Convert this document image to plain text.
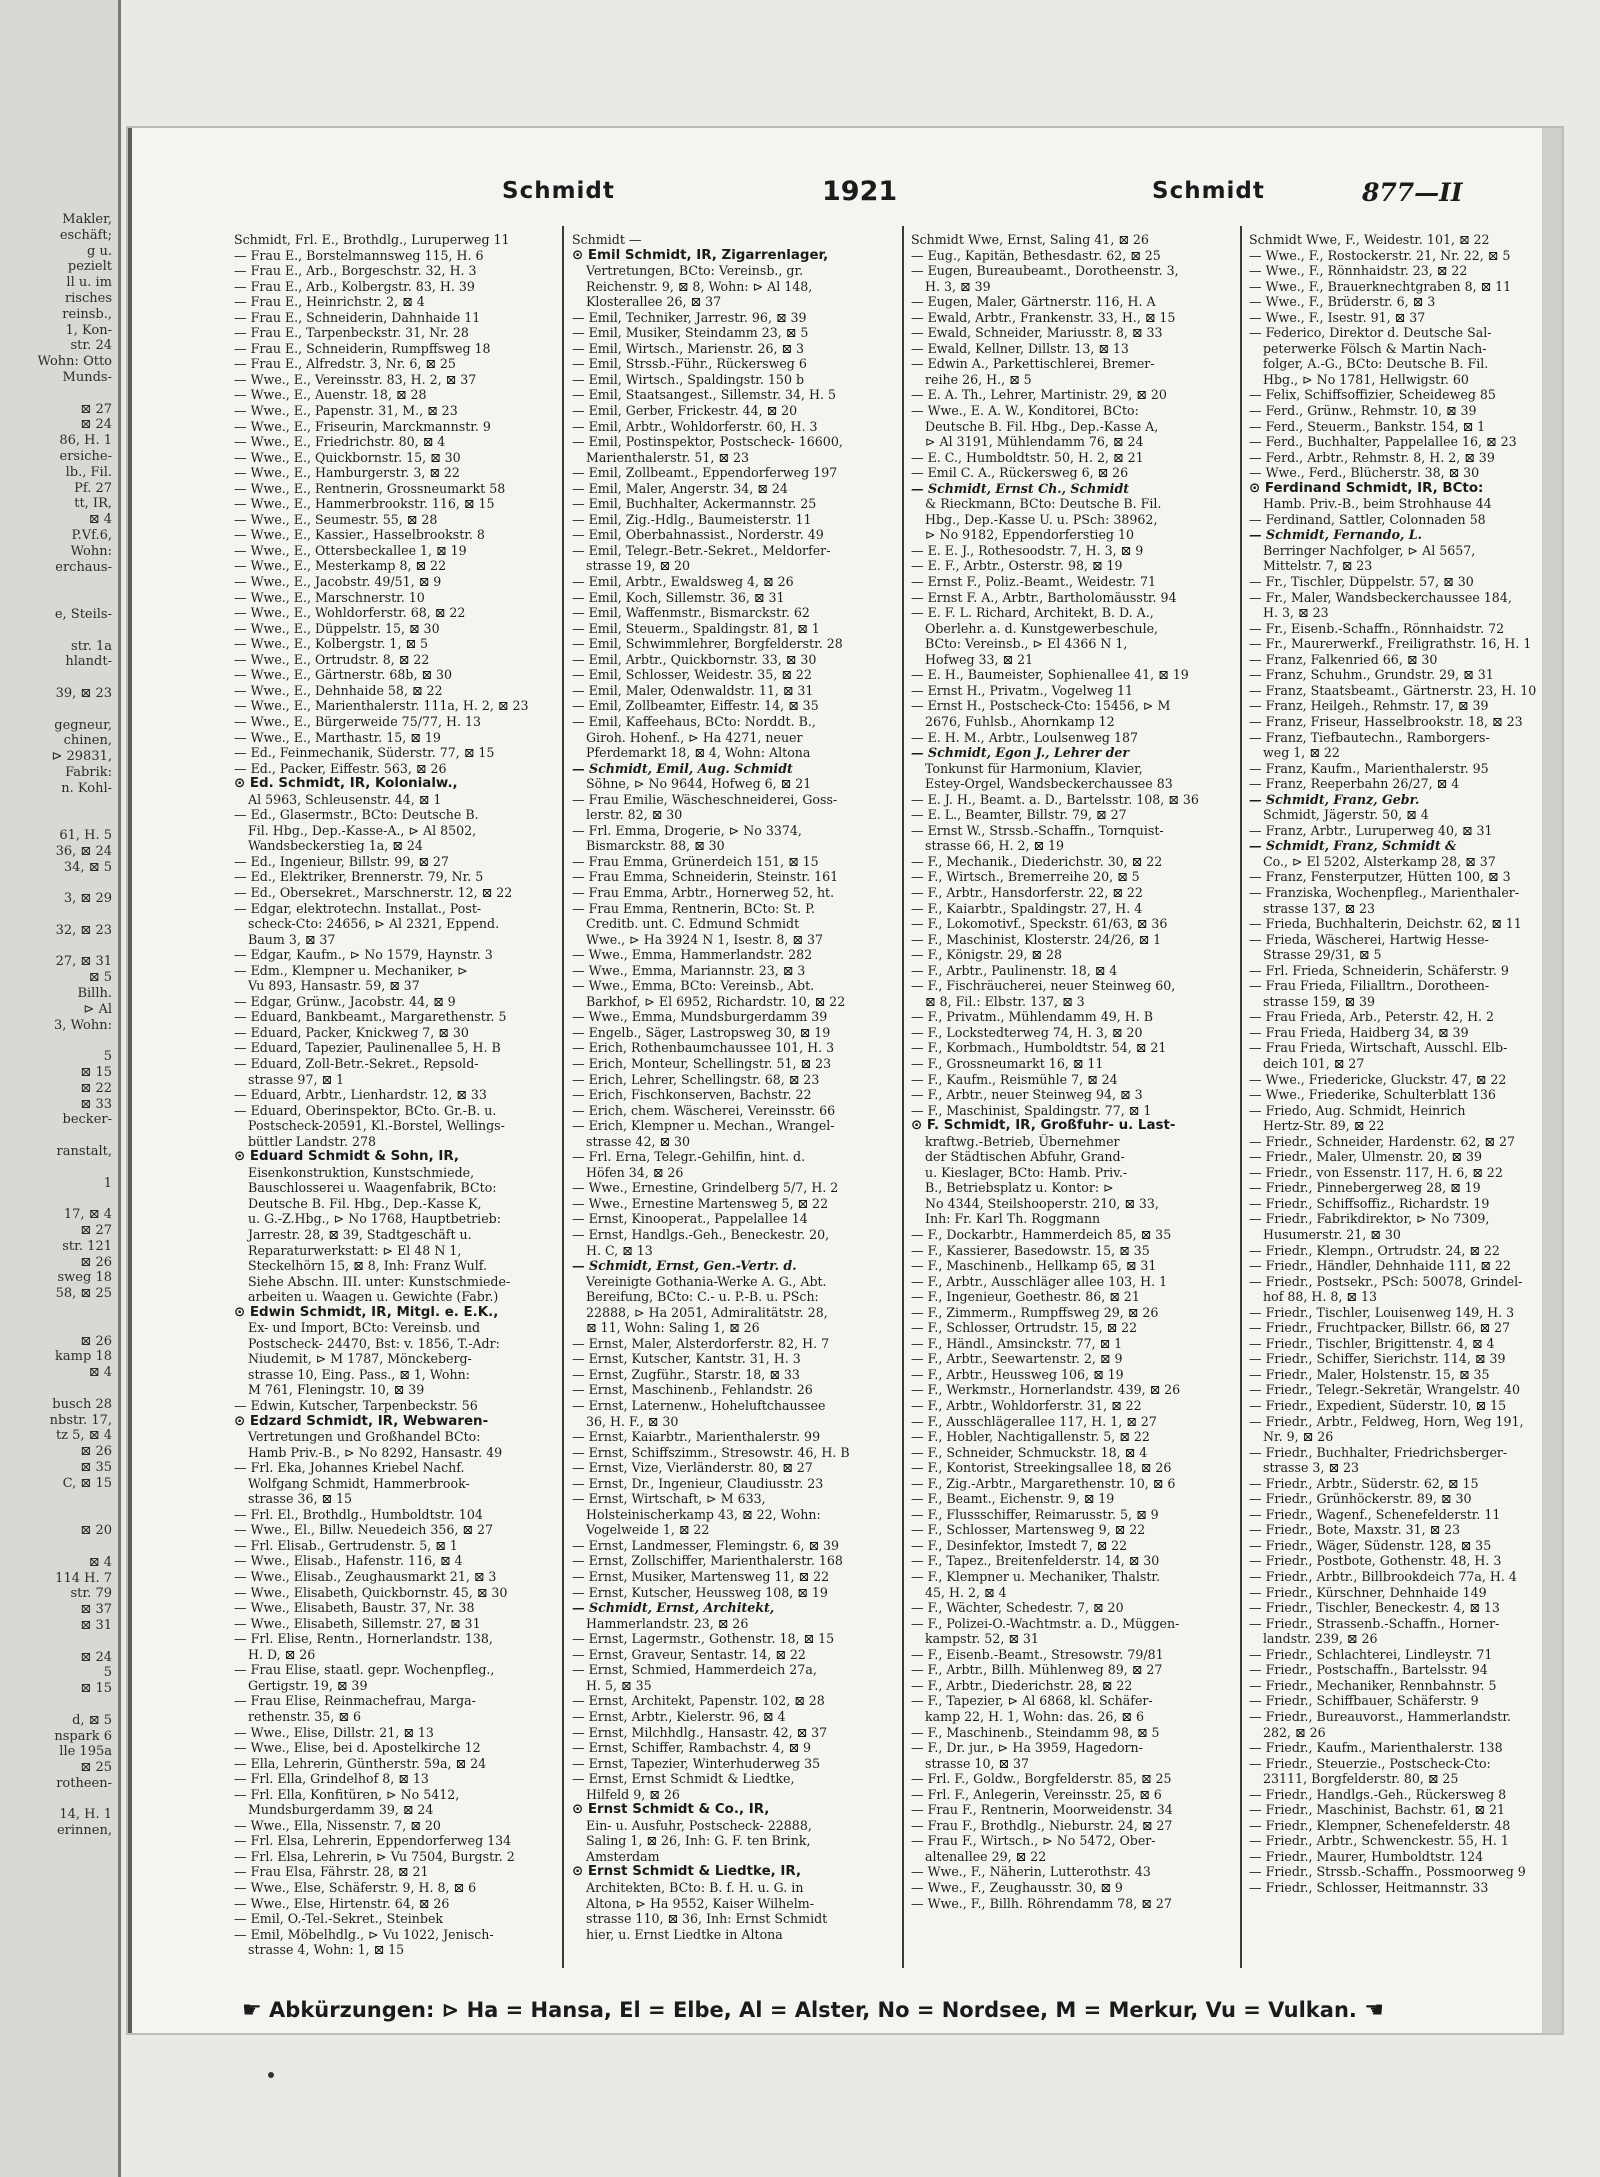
Makler,
eschäft;
g u.
pezielt
ll u. im
risches
reinsb.,
1, Kon-
str. 24
Wohn: Otto
Munds-
⊠ 27
⊠ 24
86, H. 1
ersiche-
lb., Fil.
Pf. 27
tt, IR,
⊠ 4
P.Vf.6,
Wohn:
erchaus-
e, Steils-
str. 1a
hlandt-
39, ⊠ 23
gegneur,
chinen,
⊳ 29831,
Fabrik:
n. Kohl-
61, H. 5
36, ⊠ 24
34, ⊠ 5
3, ⊠ 29
32, ⊠ 23
27, ⊠ 31
⊠ 5
Billh.
⊳ Al
3, Wohn:
5
⊠ 15
⊠ 22
⊠ 33
becker-
ranstalt,
1
17, ⊠ 4
⊠ 27
str. 121
⊠ 26
sweg 18
58, ⊠ 25
⊠ 26
kamp 18
⊠ 4
busch 28
nbstr. 17,
tz 5, ⊠ 4
⊠ 26
⊠ 35
C, ⊠ 15
⊠ 20
⊠ 4
114 H. 7
str. 79
⊠ 37
⊠ 31
⊠ 24
5
⊠ 15
d, ⊠ 5
nspark 6
lle 195a
⊠ 25
rotheen-
14, H. 1
erinnen,
Schmidt	1921	Schmidt	877—II
Schmidt, Frl. E., Brothdlg., Luruperweg 11
— Frau E., Borstelmannsweg 115, H. 6
— Frau E., Arb., Borgeschstr. 32, H. 3
— Frau E., Arb., Kolbergstr. 83, H. 39
— Frau E., Heinrichstr. 2, ⊠ 4
— Frau E., Schneiderin, Dahnhaide 11
— Frau E., Tarpenbeckstr. 31, Nr. 28
— Frau E., Schneiderin, Rumpffsweg 18
— Frau E., Alfredstr. 3, Nr. 6, ⊠ 25
— Wwe., E., Vereinsstr. 83, H. 2, ⊠ 37
— Wwe., E., Auenstr. 18, ⊠ 28
— Wwe., E., Papenstr. 31, M., ⊠ 23
— Wwe., E., Friseurin, Marckmannstr. 9
— Wwe., E., Friedrichstr. 80, ⊠ 4
— Wwe., E., Quickbornstr. 15, ⊠ 30
— Wwe., E., Hamburgerstr. 3, ⊠ 22
— Wwe., E., Rentnerin, Grossneumarkt 58
— Wwe., E., Hammerbrookstr. 116, ⊠ 15
— Wwe., E., Seumestr. 55, ⊠ 28
— Wwe., E., Kassier., Hasselbrookstr. 8
— Wwe., E., Ottersbeckallee 1, ⊠ 19
— Wwe., E., Mesterkamp 8, ⊠ 22
— Wwe., E., Jacobstr. 49/51, ⊠ 9
— Wwe., E., Marschnerstr. 10
— Wwe., E., Wohldorferstr. 68, ⊠ 22
— Wwe., E., Düppelstr. 15, ⊠ 30
— Wwe., E., Kolbergstr. 1, ⊠ 5
— Wwe., E., Ortrudstr. 8, ⊠ 22
— Wwe., E., Gärtnerstr. 68b, ⊠ 30
— Wwe., E., Dehnhaide 58, ⊠ 22
— Wwe., E., Marienthalerstr. 111a, H. 2, ⊠ 23
— Wwe., E., Bürgerweide 75/77, H. 13
— Wwe., E., Marthastr. 15, ⊠ 19
— Ed., Feinmechanik, Süderstr. 77, ⊠ 15
— Ed., Packer, Eiffestr. 563, ⊠ 26
⊙ Ed. Schmidt, IR, Kolonialw.,
Al 5963, Schleusenstr. 44, ⊠ 1
— Ed., Glasermstr., BCto: Deutsche B.
Fil. Hbg., Dep.-Kasse-A., ⊳ Al 8502,
Wandsbeckerstieg 1a, ⊠ 24
— Ed., Ingenieur, Billstr. 99, ⊠ 27
— Ed., Elektriker, Brennerstr. 79, Nr. 5
— Ed., Obersekret., Marschnerstr. 12, ⊠ 22
— Edgar, elektrotechn. Installat., Post-
scheck-Cto: 24656, ⊳ Al 2321, Eppend.
Baum 3, ⊠ 37
— Edgar, Kaufm., ⊳ No 1579, Haynstr. 3
— Edm., Klempner u. Mechaniker, ⊳
Vu 893, Hansastr. 59, ⊠ 37
— Edgar, Grünw., Jacobstr. 44, ⊠ 9
— Eduard, Bankbeamt., Margarethenstr. 5
— Eduard, Packer, Knickweg 7, ⊠ 30
— Eduard, Tapezier, Paulinenallee 5, H. B
— Eduard, Zoll-Betr.-Sekret., Repsold-
strasse 97, ⊠ 1
— Eduard, Arbtr., Lienhardstr. 12, ⊠ 33
— Eduard, Oberinspektor, BCto. Gr.-B. u.
Postscheck-20591, Kl.-Borstel, Wellings-
büttler Landstr. 278
⊙ Eduard Schmidt & Sohn, IR,
Eisenkonstruktion, Kunstschmiede,
Bauschlosserei u. Waagenfabrik, BCto:
Deutsche B. Fil. Hbg., Dep.-Kasse K,
u. G.-Z.Hbg., ⊳ No 1768, Hauptbetrieb:
Jarrestr. 28, ⊠ 39, Stadtgeschäft u.
Reparaturwerkstatt: ⊳ El 48 N 1,
Steckelhörn 15, ⊠ 8, Inh: Franz Wulf.
Siehe Abschn. III. unter: Kunstschmiede-
arbeiten u. Waagen u. Gewichte (Fabr.)
⊙ Edwin Schmidt, IR, Mitgl. e. E.K.,
Ex- und Import, BCto: Vereinsb. und
Postscheck- 24470, Bst: v. 1856, T.-Adr:
Niudemit, ⊳ M 1787, Mönckeberg-
strasse 10, Eing. Pass., ⊠ 1, Wohn:
M 761, Fleningstr. 10, ⊠ 39
— Edwin, Kutscher, Tarpenbeckstr. 56
⊙ Edzard Schmidt, IR, Webwaren-
Vertretungen und Großhandel BCto:
Hamb Priv.-B., ⊳ No 8292, Hansastr. 49
— Frl. Eka, Johannes Kriebel Nachf.
Wolfgang Schmidt, Hammerbrook-
strasse 36, ⊠ 15
— Frl. El., Brothdlg., Humboldtstr. 104
— Wwe., El., Billw. Neuedeich 356, ⊠ 27
— Frl. Elisab., Gertrudenstr. 5, ⊠ 1
— Wwe., Elisab., Hafenstr. 116, ⊠ 4
— Wwe., Elisab., Zeughausmarkt 21, ⊠ 3
— Wwe., Elisabeth, Quickbornstr. 45, ⊠ 30
— Wwe., Elisabeth, Baustr. 37, Nr. 38
— Wwe., Elisabeth, Sillemstr. 27, ⊠ 31
— Frl. Elise, Rentn., Hornerlandstr. 138,
H. D, ⊠ 26
— Frau Elise, staatl. gepr. Wochenpfleg.,
Gertigstr. 19, ⊠ 39
— Frau Elise, Reinmachefrau, Marga-
rethenstr. 35, ⊠ 6
— Wwe., Elise, Dillstr. 21, ⊠ 13
— Wwe., Elise, bei d. Apostelkirche 12
— Ella, Lehrerin, Güntherstr. 59a, ⊠ 24
— Frl. Ella, Grindelhof 8, ⊠ 13
— Frl. Ella, Konfitüren, ⊳ No 5412,
Mundsburgerdamm 39, ⊠ 24
— Wwe., Ella, Nissenstr. 7, ⊠ 20
— Frl. Elsa, Lehrerin, Eppendorferweg 134
— Frl. Elsa, Lehrerin, ⊳ Vu 7504, Burgstr. 2
— Frau Elsa, Fährstr. 28, ⊠ 21
— Wwe., Else, Schäferstr. 9, H. 8, ⊠ 6
— Wwe., Else, Hirtenstr. 64, ⊠ 26
— Emil, O.-Tel.-Sekret., Steinbek
— Emil, Möbelhdlg., ⊳ Vu 1022, Jenisch-
strasse 4, Wohn: 1, ⊠ 15
Schmidt —
⊙ Emil Schmidt, IR, Zigarrenlager,
Vertretungen, BCto: Vereinsb., gr.
Reichenstr. 9, ⊠ 8, Wohn: ⊳ Al 148,
Klosterallee 26, ⊠ 37
— Emil, Techniker, Jarrestr. 96, ⊠ 39
— Emil, Musiker, Steindamm 23, ⊠ 5
— Emil, Wirtsch., Marienstr. 26, ⊠ 3
— Emil, Strssb.-Führ., Rückersweg 6
— Emil, Wirtsch., Spaldingstr. 150 b
— Emil, Staatsangest., Sillemstr. 34, H. 5
— Emil, Gerber, Frickestr. 44, ⊠ 20
— Emil, Arbtr., Wohldorferstr. 60, H. 3
— Emil, Postinspektor, Postscheck- 16600,
Marienthalerstr. 51, ⊠ 23
— Emil, Zollbeamt., Eppendorferweg 197
— Emil, Maler, Angerstr. 34, ⊠ 24
— Emil, Buchhalter, Ackermannstr. 25
— Emil, Zig.-Hdlg., Baumeisterstr. 11
— Emil, Oberbahnassist., Norderstr. 49
— Emil, Telegr.-Betr.-Sekret., Meldorfer-
strasse 19, ⊠ 20
— Emil, Arbtr., Ewaldsweg 4, ⊠ 26
— Emil, Koch, Sillemstr. 36, ⊠ 31
— Emil, Waffenmstr., Bismarckstr. 62
— Emil, Steuerm., Spaldingstr. 81, ⊠ 1
— Emil, Schwimmlehrer, Borgfelderstr. 28
— Emil, Arbtr., Quickbornstr. 33, ⊠ 30
— Emil, Schlosser, Weidestr. 35, ⊠ 22
— Emil, Maler, Odenwaldstr. 11, ⊠ 31
— Emil, Zollbeamter, Eiffestr. 14, ⊠ 35
— Emil, Kaffeehaus, BCto: Norddt. B.,
Giroh. Hohenf., ⊳ Ha 4271, neuer
Pferdemarkt 18, ⊠ 4, Wohn: Altona
— Schmidt, Emil, Aug. Schmidt
Söhne, ⊳ No 9644, Hofweg 6, ⊠ 21
— Frau Emilie, Wäscheschneiderei, Goss-
lerstr. 82, ⊠ 30
— Frl. Emma, Drogerie, ⊳ No 3374,
Bismarckstr. 88, ⊠ 30
— Frau Emma, Grünerdeich 151, ⊠ 15
— Frau Emma, Schneiderin, Steinstr. 161
— Frau Emma, Arbtr., Hornerweg 52, ht.
— Frau Emma, Rentnerin, BCto: St. P.
Creditb. unt. C. Edmund Schmidt
Wwe., ⊳ Ha 3924 N 1, Isestr. 8, ⊠ 37
— Wwe., Emma, Hammerlandstr. 282
— Wwe., Emma, Mariannstr. 23, ⊠ 3
— Wwe., Emma, BCto: Vereinsb., Abt.
Barkhof, ⊳ El 6952, Richardstr. 10, ⊠ 22
— Wwe., Emma, Mundsburgerdamm 39
— Engelb., Säger, Lastropsweg 30, ⊠ 19
— Erich, Rothenbaumchaussee 101, H. 3
— Erich, Monteur, Schellingstr. 51, ⊠ 23
— Erich, Lehrer, Schellingstr. 68, ⊠ 23
— Erich, Fischkonserven, Bachstr. 22
— Erich, chem. Wäscherei, Vereinsstr. 66
— Erich, Klempner u. Mechan., Wrangel-
strasse 42, ⊠ 30
— Frl. Erna, Telegr.-Gehilfin, hint. d.
Höfen 34, ⊠ 26
— Wwe., Ernestine, Grindelberg 5/7, H. 2
— Wwe., Ernestine Martensweg 5, ⊠ 22
— Ernst, Kinooperat., Pappelallee 14
— Ernst, Handlgs.-Geh., Beneckestr. 20,
H. C, ⊠ 13
— Schmidt, Ernst, Gen.-Vertr. d.
Vereinigte Gothania-Werke A. G., Abt.
Bereifung, BCto: C.- u. P.-B. u. PSch:
22888, ⊳ Ha 2051, Admiralitätstr. 28,
⊠ 11, Wohn: Saling 1, ⊠ 26
— Ernst, Maler, Alsterdorferstr. 82, H. 7
— Ernst, Kutscher, Kantstr. 31, H. 3
— Ernst, Zugführ., Starstr. 18, ⊠ 33
— Ernst, Maschinenb., Fehlandstr. 26
— Ernst, Laternenw., Hoheluftchaussee
36, H. F., ⊠ 30
— Ernst, Kaiarbtr., Marienthalerstr. 99
— Ernst, Schiffszimm., Stresowstr. 46, H. B
— Ernst, Vize, Vierländerstr. 80, ⊠ 27
— Ernst, Dr., Ingenieur, Claudiusstr. 23
— Ernst, Wirtschaft, ⊳ M 633,
Holsteinischerkamp 43, ⊠ 22, Wohn:
Vogelweide 1, ⊠ 22
— Ernst, Landmesser, Flemingstr. 6, ⊠ 39
— Ernst, Zollschiffer, Marienthalerstr. 168
— Ernst, Musiker, Martensweg 11, ⊠ 22
— Ernst, Kutscher, Heussweg 108, ⊠ 19
— Schmidt, Ernst, Architekt,
Hammerlandstr. 23, ⊠ 26
— Ernst, Lagermstr., Gothenstr. 18, ⊠ 15
— Ernst, Graveur, Sentastr. 14, ⊠ 22
— Ernst, Schmied, Hammerdeich 27a,
H. 5, ⊠ 35
— Ernst, Architekt, Papenstr. 102, ⊠ 28
— Ernst, Arbtr., Kielerstr. 96, ⊠ 4
— Ernst, Milchhdlg., Hansastr. 42, ⊠ 37
— Ernst, Schiffer, Rambachstr. 4, ⊠ 9
— Ernst, Tapezier, Winterhuderweg 35
— Ernst, Ernst Schmidt & Liedtke,
Hilfeld 9, ⊠ 26
⊙ Ernst Schmidt & Co., IR,
Ein- u. Ausfuhr, Postscheck- 22888,
Saling 1, ⊠ 26, Inh: G. F. ten Brink,
Amsterdam
⊙ Ernst Schmidt & Liedtke, IR,
Architekten, BCto: B. f. H. u. G. in
Altona, ⊳ Ha 9552, Kaiser Wilhelm-
strasse 110, ⊠ 36, Inh: Ernst Schmidt
hier, u. Ernst Liedtke in Altona
Schmidt Wwe, Ernst, Saling 41, ⊠ 26
— Eug., Kapitän, Bethesdastr. 62, ⊠ 25
— Eugen, Bureaubeamt., Dorotheenstr. 3,
H. 3, ⊠ 39
— Eugen, Maler, Gärtnerstr. 116, H. A
— Ewald, Arbtr., Frankenstr. 33, H., ⊠ 15
— Ewald, Schneider, Mariusstr. 8, ⊠ 33
— Ewald, Kellner, Dillstr. 13, ⊠ 13
— Edwin A., Parkettischlerei, Bremer-
reihe 26, H., ⊠ 5
— E. A. Th., Lehrer, Martinistr. 29, ⊠ 20
— Wwe., E. A. W., Konditorei, BCto:
Deutsche B. Fil. Hbg., Dep.-Kasse A,
⊳ Al 3191, Mühlendamm 76, ⊠ 24
— E. C., Humboldtstr. 50, H. 2, ⊠ 21
— Emil C. A., Rückersweg 6, ⊠ 26
— Schmidt, Ernst Ch., Schmidt
& Rieckmann, BCto: Deutsche B. Fil.
Hbg., Dep.-Kasse U. u. PSch: 38962,
⊳ No 9182, Eppendorferstieg 10
— E. E. J., Rothesoodstr. 7, H. 3, ⊠ 9
— E. F., Arbtr., Osterstr. 98, ⊠ 19
— Ernst F., Poliz.-Beamt., Weidestr. 71
— Ernst F. A., Arbtr., Bartholomäusstr. 94
— E. F. L. Richard, Architekt, B. D. A.,
Oberlehr. a. d. Kunstgewerbeschule,
BCto: Vereinsb., ⊳ El 4366 N 1,
Hofweg 33, ⊠ 21
— E. H., Baumeister, Sophienallee 41, ⊠ 19
— Ernst H., Privatm., Vogelweg 11
— Ernst H., Postscheck-Cto: 15456, ⊳ M
2676, Fuhlsb., Ahornkamp 12
— E. H. M., Arbtr., Loulsenweg 187
— Schmidt, Egon J., Lehrer der
Tonkunst für Harmonium, Klavier,
Estey-Orgel, Wandsbeckerchaussee 83
— E. J. H., Beamt. a. D., Bartelsstr. 108, ⊠ 36
— E. L., Beamter, Billstr. 79, ⊠ 27
— Ernst W., Strssb.-Schaffn., Tornquist-
strasse 66, H. 2, ⊠ 19
— F., Mechanik., Diederichstr. 30, ⊠ 22
— F., Wirtsch., Bremerreihe 20, ⊠ 5
— F., Arbtr., Hansdorferstr. 22, ⊠ 22
— F., Kaiarbtr., Spaldingstr. 27, H. 4
— F., Lokomotivf., Speckstr. 61/63, ⊠ 36
— F., Maschinist, Klosterstr. 24/26, ⊠ 1
— F., Königstr. 29, ⊠ 28
— F., Arbtr., Paulinenstr. 18, ⊠ 4
— F., Fischräucherei, neuer Steinweg 60,
⊠ 8, Fil.: Elbstr. 137, ⊠ 3
— F., Privatm., Mühlendamm 49, H. B
— F., Lockstedterweg 74, H. 3, ⊠ 20
— F., Korbmach., Humboldtstr. 54, ⊠ 21
— F., Grossneumarkt 16, ⊠ 11
— F., Kaufm., Reismühle 7, ⊠ 24
— F., Arbtr., neuer Steinweg 94, ⊠ 3
— F., Maschinist, Spaldingstr. 77, ⊠ 1
⊙ F. Schmidt, IR, Großfuhr- u. Last-
kraftwg.-Betrieb, Übernehmer
der Städtischen Abfuhr, Grand-
u. Kieslager, BCto: Hamb. Priv.-
B., Betriebsplatz u. Kontor: ⊳
No 4344, Steilshooperstr. 210, ⊠ 33,
Inh: Fr. Karl Th. Roggmann
— F., Dockarbtr., Hammerdeich 85, ⊠ 35
— F., Kassierer, Basedowstr. 15, ⊠ 35
— F., Maschinenb., Hellkamp 65, ⊠ 31
— F., Arbtr., Ausschläger allee 103, H. 1
— F., Ingenieur, Goethestr. 86, ⊠ 21
— F., Zimmerm., Rumpffsweg 29, ⊠ 26
— F., Schlosser, Ortrudstr. 15, ⊠ 22
— F., Händl., Amsinckstr. 77, ⊠ 1
— F., Arbtr., Seewartenstr. 2, ⊠ 9
— F., Arbtr., Heussweg 106, ⊠ 19
— F., Werkmstr., Hornerlandstr. 439, ⊠ 26
— F., Arbtr., Wohldorferstr. 31, ⊠ 22
— F., Ausschlägerallee 117, H. 1, ⊠ 27
— F., Hobler, Nachtigallenstr. 5, ⊠ 22
— F., Schneider, Schmuckstr. 18, ⊠ 4
— F., Kontorist, Streekingsallee 18, ⊠ 26
— F., Zig.-Arbtr., Margarethenstr. 10, ⊠ 6
— F., Beamt., Eichenstr. 9, ⊠ 19
— F., Flussschiffer, Reimarusstr. 5, ⊠ 9
— F., Schlosser, Martensweg 9, ⊠ 22
— F., Desinfektor, Imstedt 7, ⊠ 22
— F., Tapez., Breitenfelderstr. 14, ⊠ 30
— F., Klempner u. Mechaniker, Thalstr.
45, H. 2, ⊠ 4
— F., Wächter, Schedestr. 7, ⊠ 20
— F., Polizei-O.-Wachtmstr. a. D., Müggen-
kampstr. 52, ⊠ 31
— F., Eisenb.-Beamt., Stresowstr. 79/81
— F., Arbtr., Billh. Mühlenweg 89, ⊠ 27
— F., Arbtr., Diederichstr. 28, ⊠ 22
— F., Tapezier, ⊳ Al 6868, kl. Schäfer-
kamp 22, H. 1, Wohn: das. 26, ⊠ 6
— F., Maschinenb., Steindamm 98, ⊠ 5
— F., Dr. jur., ⊳ Ha 3959, Hagedorn-
strasse 10, ⊠ 37
— Frl. F., Goldw., Borgfelderstr. 85, ⊠ 25
— Frl. F., Anlegerin, Vereinsstr. 25, ⊠ 6
— Frau F., Rentnerin, Moorweidenstr. 34
— Frau F., Brothdlg., Nieburstr. 24, ⊠ 27
— Frau F., Wirtsch., ⊳ No 5472, Ober-
altenallee 29, ⊠ 22
— Wwe., F., Näherin, Lutterothstr. 43
— Wwe., F., Zeughausstr. 30, ⊠ 9
— Wwe., F., Billh. Röhrendamm 78, ⊠ 27
Schmidt Wwe, F., Weidestr. 101, ⊠ 22
— Wwe., F., Rostockerstr. 21, Nr. 22, ⊠ 5
— Wwe., F., Rönnhaidstr. 23, ⊠ 22
— Wwe., F., Brauerknechtgraben 8, ⊠ 11
— Wwe., F., Brüderstr. 6, ⊠ 3
— Wwe., F., Isestr. 91, ⊠ 37
— Federico, Direktor d. Deutsche Sal-
peterwerke Fölsch & Martin Nach-
folger, A.-G., BCto: Deutsche B. Fil.
Hbg., ⊳ No 1781, Hellwigstr. 60
— Felix, Schiffsoffizier, Scheideweg 85
— Ferd., Grünw., Rehmstr. 10, ⊠ 39
— Ferd., Steuerm., Bankstr. 154, ⊠ 1
— Ferd., Buchhalter, Pappelallee 16, ⊠ 23
— Ferd., Arbtr., Rehmstr. 8, H. 2, ⊠ 39
— Wwe., Ferd., Blücherstr. 38, ⊠ 30
⊙ Ferdinand Schmidt, IR, BCto:
Hamb. Priv.-B., beim Strohhause 44
— Ferdinand, Sattler, Colonnaden 58
— Schmidt, Fernando, L.
Berringer Nachfolger, ⊳ Al 5657,
Mittelstr. 7, ⊠ 23
— Fr., Tischler, Düppelstr. 57, ⊠ 30
— Fr., Maler, Wandsbeckerchaussee 184,
H. 3, ⊠ 23
— Fr., Eisenb.-Schaffn., Rönnhaidstr. 72
— Fr., Maurerwerkf., Freiligrathstr. 16, H. 1
— Franz, Falkenried 66, ⊠ 30
— Franz, Schuhm., Grundstr. 29, ⊠ 31
— Franz, Staatsbeamt., Gärtnerstr. 23, H. 10
— Franz, Heilgeh., Rehmstr. 17, ⊠ 39
— Franz, Friseur, Hasselbrookstr. 18, ⊠ 23
— Franz, Tiefbautechn., Ramborgers-
weg 1, ⊠ 22
— Franz, Kaufm., Marienthalerstr. 95
— Franz, Reeperbahn 26/27, ⊠ 4
— Schmidt, Franz, Gebr.
Schmidt, Jägerstr. 50, ⊠ 4
— Franz, Arbtr., Luruperweg 40, ⊠ 31
— Schmidt, Franz, Schmidt &
Co., ⊳ El 5202, Alsterkamp 28, ⊠ 37
— Franz, Fensterputzer, Hütten 100, ⊠ 3
— Franziska, Wochenpfleg., Marienthaler-
strasse 137, ⊠ 23
— Frieda, Buchhalterin, Deichstr. 62, ⊠ 11
— Frieda, Wäscherei, Hartwig Hesse-
Strasse 29/31, ⊠ 5
— Frl. Frieda, Schneiderin, Schäferstr. 9
— Frau Frieda, Filialltrn., Dorotheen-
strasse 159, ⊠ 39
— Frau Frieda, Arb., Peterstr. 42, H. 2
— Frau Frieda, Haidberg 34, ⊠ 39
— Frau Frieda, Wirtschaft, Ausschl. Elb-
deich 101, ⊠ 27
— Wwe., Friedericke, Gluckstr. 47, ⊠ 22
— Wwe., Friederike, Schulterblatt 136
— Friedo, Aug. Schmidt, Heinrich
Hertz-Str. 89, ⊠ 22
— Friedr., Schneider, Hardenstr. 62, ⊠ 27
— Friedr., Maler, Ulmenstr. 20, ⊠ 39
— Friedr., von Essenstr. 117, H. 6, ⊠ 22
— Friedr., Pinnebergerweg 28, ⊠ 19
— Friedr., Schiffsoffiz., Richardstr. 19
— Friedr., Fabrikdirektor, ⊳ No 7309,
Husumerstr. 21, ⊠ 30
— Friedr., Klempn., Ortrudstr. 24, ⊠ 22
— Friedr., Händler, Dehnhaide 111, ⊠ 22
— Friedr., Postsekr., PSch: 50078, Grindel-
hof 88, H. 8, ⊠ 13
— Friedr., Tischler, Louisenweg 149, H. 3
— Friedr., Fruchtpacker, Billstr. 66, ⊠ 27
— Friedr., Tischler, Brigittenstr. 4, ⊠ 4
— Friedr., Schiffer, Sierichstr. 114, ⊠ 39
— Friedr., Maler, Holstenstr. 15, ⊠ 35
— Friedr., Telegr.-Sekretär, Wrangelstr. 40
— Friedr., Expedient, Süderstr. 10, ⊠ 15
— Friedr., Arbtr., Feldweg, Horn, Weg 191,
Nr. 9, ⊠ 26
— Friedr., Buchhalter, Friedrichsberger-
strasse 3, ⊠ 23
— Friedr., Arbtr., Süderstr. 62, ⊠ 15
— Friedr., Grünhöckerstr. 89, ⊠ 30
— Friedr., Wagenf., Schenefelderstr. 11
— Friedr., Bote, Maxstr. 31, ⊠ 23
— Friedr., Wäger, Südenstr. 128, ⊠ 35
— Friedr., Postbote, Gothenstr. 48, H. 3
— Friedr., Arbtr., Billbrookdeich 77a, H. 4
— Friedr., Kürschner, Dehnhaide 149
— Friedr., Tischler, Beneckestr. 4, ⊠ 13
— Friedr., Strassenb.-Schaffn., Horner-
landstr. 239, ⊠ 26
— Friedr., Schlachterei, Lindleystr. 71
— Friedr., Postschaffn., Bartelsstr. 94
— Friedr., Mechaniker, Rennbahnstr. 5
— Friedr., Schiffbauer, Schäferstr. 9
— Friedr., Bureauvorst., Hammerlandstr.
282, ⊠ 26
— Friedr., Kaufm., Marienthalerstr. 138
— Friedr., Steuerzie., Postscheck-Cto:
23111, Borgfelderstr. 80, ⊠ 25
— Friedr., Handlgs.-Geh., Rückersweg 8
— Friedr., Maschinist, Bachstr. 61, ⊠ 21
— Friedr., Klempner, Schenefelderstr. 48
— Friedr., Arbtr., Schwenckestr. 55, H. 1
— Friedr., Maurer, Humboldtstr. 124
— Friedr., Strssb.-Schaffn., Possmoorweg 9
— Friedr., Schlosser, Heitmannstr. 33
☛ Abkürzungen: ⊳ Ha = Hansa, El = Elbe, Al = Alster, No = Nordsee, M = Merkur, Vu = Vulkan. ☚
